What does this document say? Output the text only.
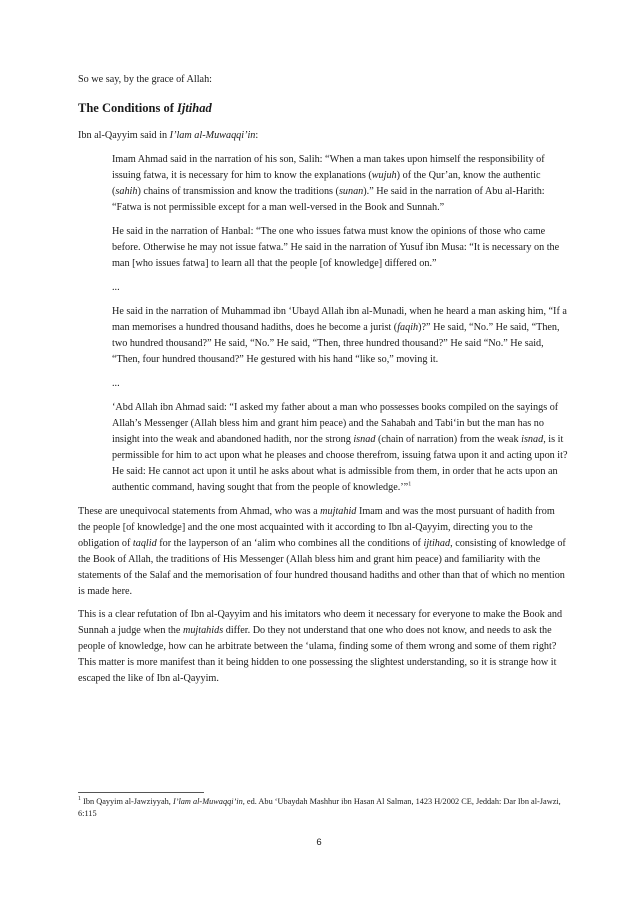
So we say, by the grace of Allah:

The Conditions of Ijtihad

Ibn al-Qayyim said in I’lam al-Muwaqqi’in:

Imam Ahmad said in the narration of his son, Salih: “When a man takes upon himself the responsibility of issuing fatwa, it is necessary for him to know the explanations (wujuh) of the Qur’an, know the authentic (sahih) chains of transmission and know the traditions (sunan).” He said in the narration of Abu al-Harith: “Fatwa is not permissible except for a man well-versed in the Book and Sunnah.”

He said in the narration of Hanbal: “The one who issues fatwa must know the opinions of those who came before. Otherwise he may not issue fatwa.” He said in the narration of Yusuf ibn Musa: “It is necessary on the man [who issues fatwa] to learn all that the people [of knowledge] differed on.”

...

He said in the narration of Muhammad ibn ‘Ubayd Allah ibn al-Munadi, when he heard a man asking him, “If a man memorises a hundred thousand hadiths, does he become a jurist (faqih)?” He said, “No.” He said, “Then, two hundred thousand?” He said, “No.” He said, “Then, three hundred thousand?” He said “No.” He said, “Then, four hundred thousand?” He gestured with his hand “like so,” moving it.

...

‘Abd Allah ibn Ahmad said: “I asked my father about a man who possesses books compiled on the sayings of Allah’s Messenger (Allah bless him and grant him peace) and the Sahabah and Tabi‘in but the man has no insight into the weak and abandoned hadith, nor the strong isnad (chain of narration) from the weak isnad, is it permissible for him to act upon what he pleases and choose therefrom, issuing fatwa upon it and acting upon it? He said: He cannot act upon it until he asks about what is admissible from them, in order that he acts upon an authentic command, having sought that from the people of knowledge.’”$^1$

These are unequivocal statements from Ahmad, who was a mujtahid Imam and was the most pursuant of hadith from the people [of knowledge] and the one most acquainted with it according to Ibn al-Qayyim, directing you to the obligation of taqlid for the layperson of an ‘alim who combines all the conditions of ijtihad, consisting of knowledge of the Book of Allah, the traditions of His Messenger (Allah bless him and grant him peace) and familiarity with the statements of the Salaf and the memorisation of four hundred thousand hadiths and other than that of which no mention is made here.

This is a clear refutation of Ibn al-Qayyim and his imitators who deem it necessary for everyone to make the Book and Sunnah a judge when the mujtahids differ. Do they not understand that one who does not know, and needs to ask the people of knowledge, how can he arbitrate between the ‘ulama, finding some of them wrong and some of them right? This matter is more manifest than it being hidden to one possessing the slightest understanding, so it is strange how it escaped the like of Ibn al-Qayyim.

$^1$ Ibn Qayyim al-Jawziyyah, I’lam al-Muwaqqi’in, ed. Abu ‘Ubaydah Mashhur ibn Hasan Al Salman, 1423 H/2002 CE, Jeddah: Dar Ibn al-Jawzi, 6:115
6
